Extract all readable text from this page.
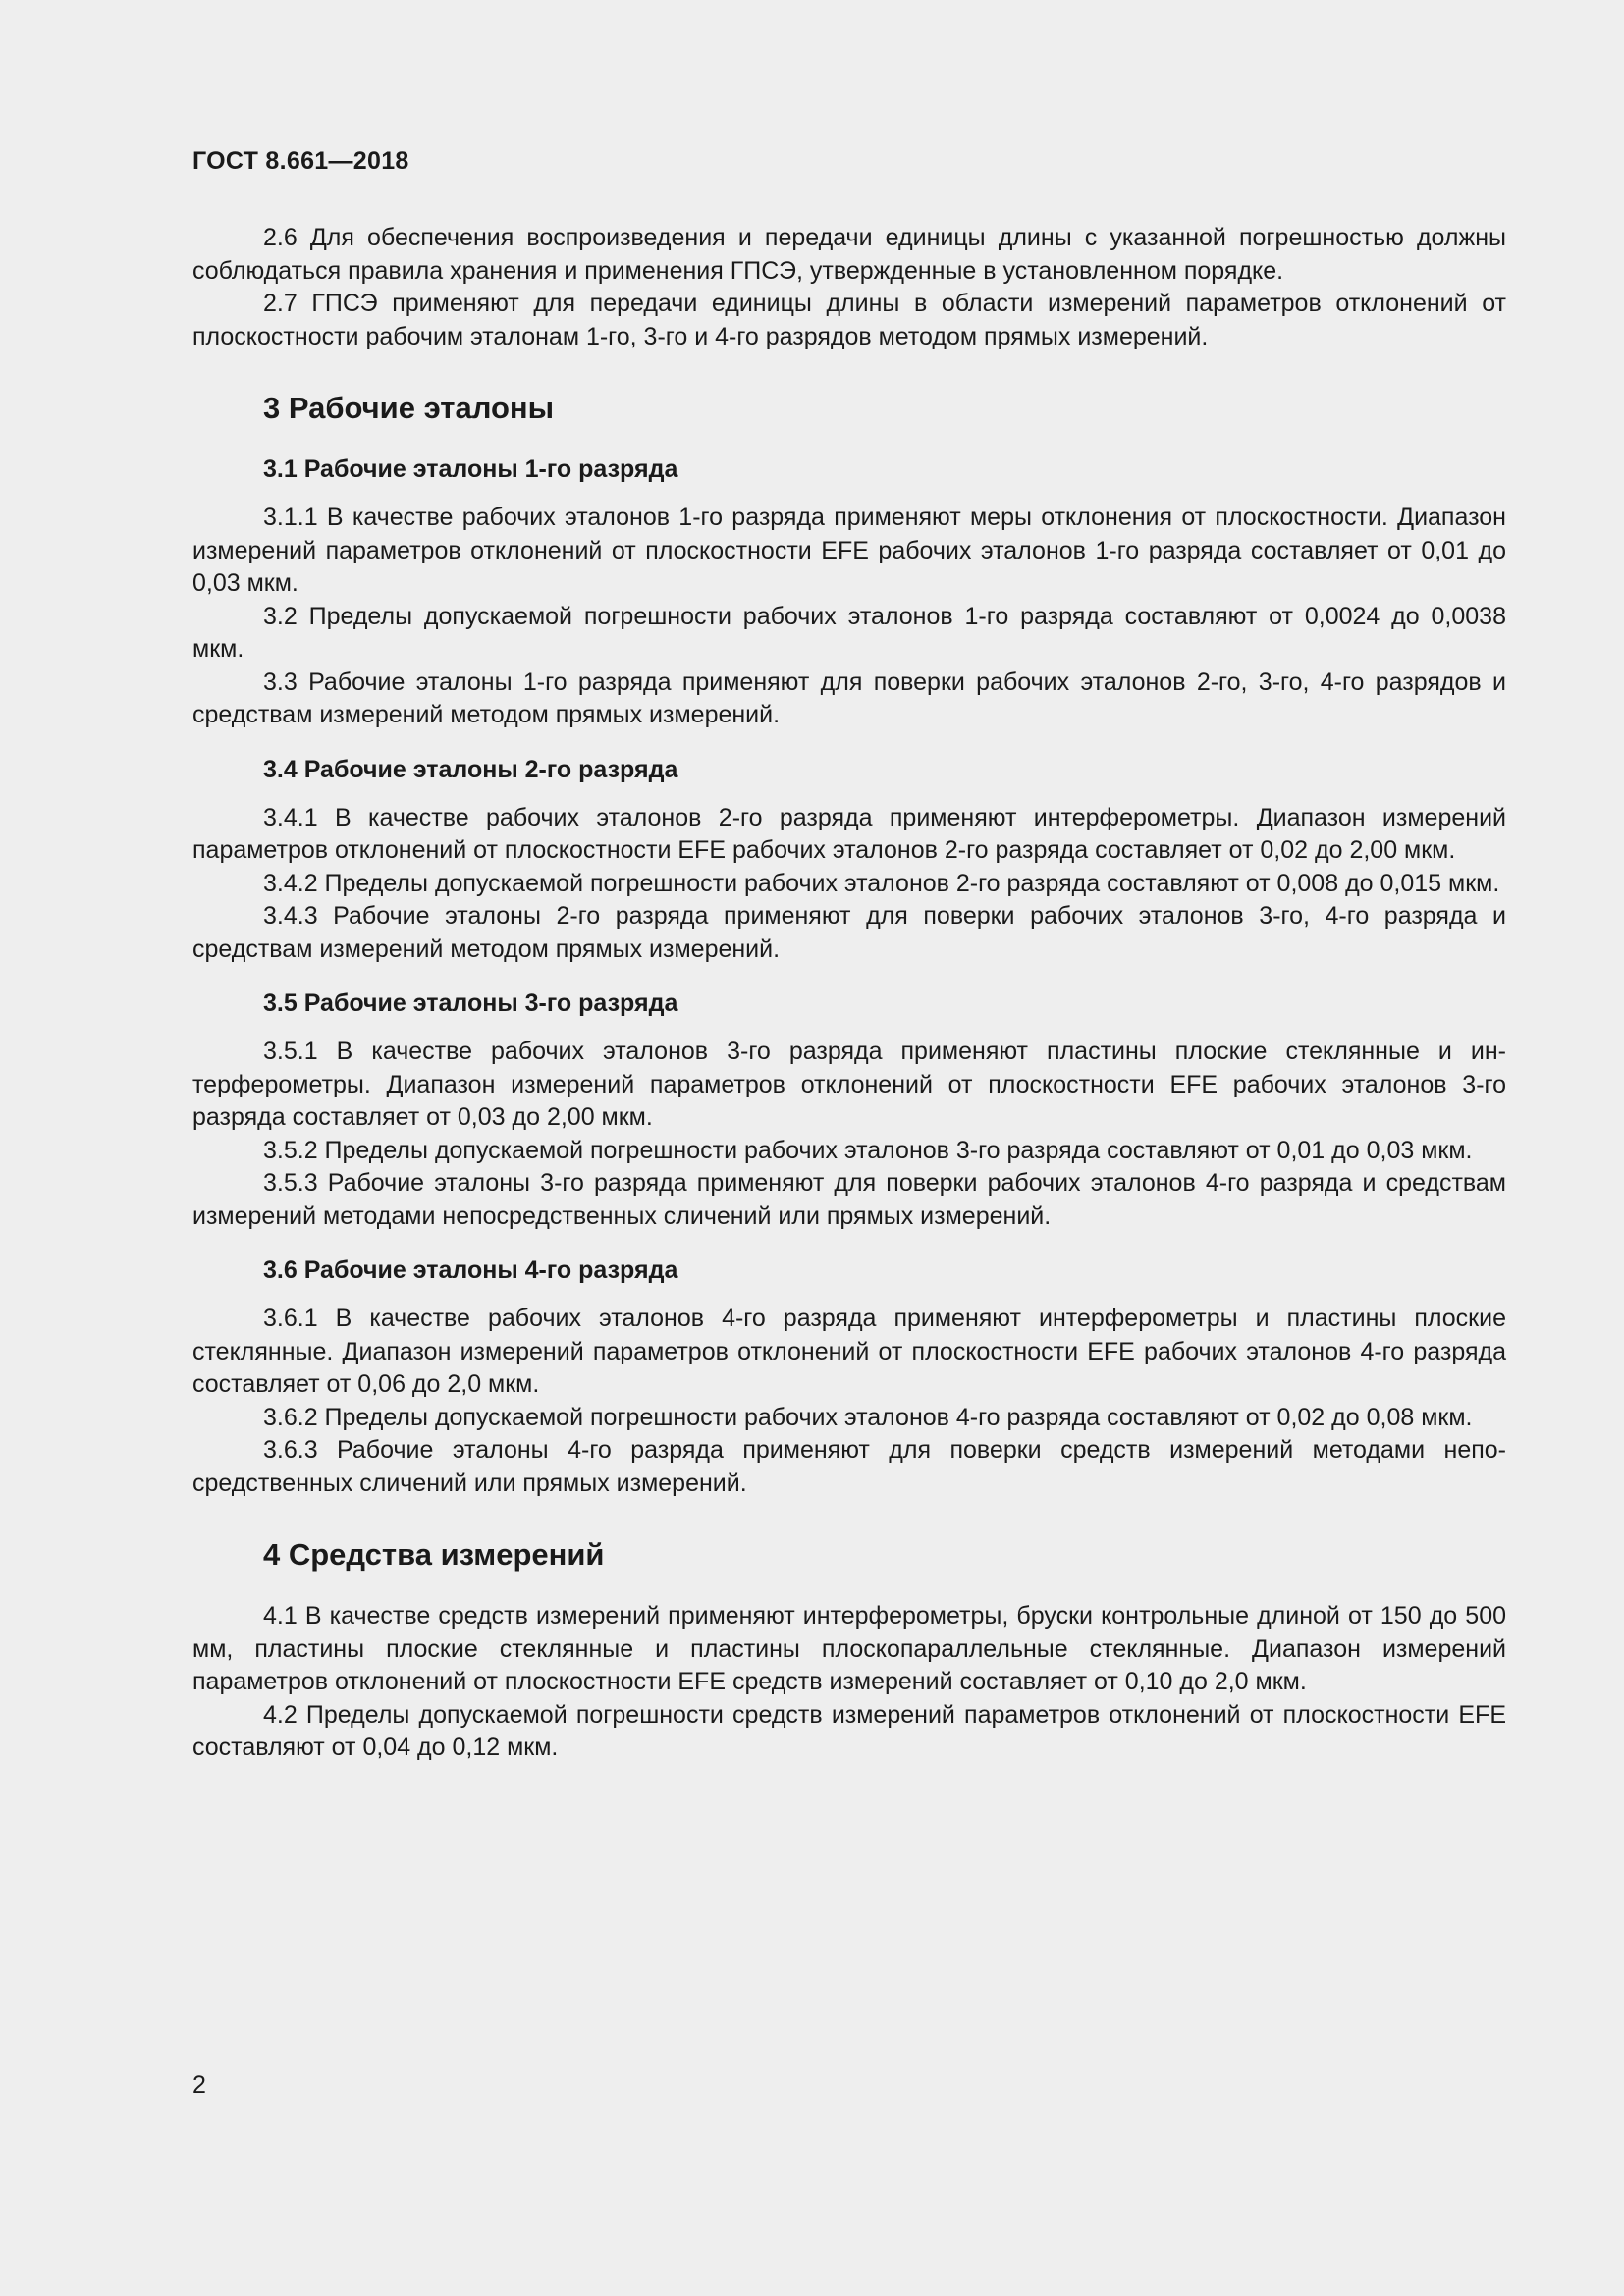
ГОСТ 8.661—2018

2.6 Для обеспечения воспроизведения и передачи единицы длины с указанной погрешностью должны соблюдаться правила хранения и применения ГПСЭ, утвержденные в установленном порядке.

2.7 ГПСЭ применяют для передачи единицы длины в области измерений параметров отклонений от плоскостности рабочим эталонам 1-го, 3-го и 4-го разрядов методом прямых измерений.

3 Рабочие эталоны
3.1 Рабочие эталоны 1-го разряда

3.1.1 В качестве рабочих эталонов 1-го разряда применяют меры отклонения от плоскостности. Диапазон измерений параметров отклонений от плоскостности EFE рабочих эталонов 1-го разряда составляет от 0,01 до 0,03 мкм.

3.2 Пределы допускаемой погрешности рабочих эталонов 1-го разряда составляют от 0,0024 до 0,0038 мкм.

3.3 Рабочие эталоны 1-го разряда применяют для поверки рабочих эталонов 2-го, 3-го, 4-го разрядов и средствам измерений методом прямых измерений.

3.4 Рабочие эталоны 2-го разряда

3.4.1 В качестве рабочих эталонов 2-го разряда применяют интерферометры. Диапазон измерений параметров отклонений от плоскостности EFE рабочих эталонов 2-го разряда составляет от 0,02 до 2,00 мкм.

3.4.2 Пределы допускаемой погрешности рабочих эталонов 2-го разряда составляют от 0,008 до 0,015 мкм.

3.4.3 Рабочие эталоны 2-го разряда применяют для поверки рабочих эталонов 3-го, 4-го разряда и средствам измерений методом прямых измерений.

3.5 Рабочие эталоны 3-го разряда

3.5.1 В качестве рабочих эталонов 3-го разряда применяют пластины плоские стеклянные и интерферометры. Диапазон измерений параметров отклонений от плоскостности EFE рабочих эталонов 3-го разряда составляет от 0,03 до 2,00 мкм.

3.5.2 Пределы допускаемой погрешности рабочих эталонов 3-го разряда составляют от 0,01 до 0,03 мкм.

3.5.3 Рабочие эталоны 3-го разряда применяют для поверки рабочих эталонов 4-го разряда и средствам измерений методами непосредственных сличений или прямых измерений.

3.6 Рабочие эталоны 4-го разряда

3.6.1 В качестве рабочих эталонов 4-го разряда применяют интерферометры и пластины плоские стеклянные. Диапазон измерений параметров отклонений от плоскостности EFE рабочих эталонов 4-го разряда составляет от 0,06 до 2,0 мкм.

3.6.2 Пределы допускаемой погрешности рабочих эталонов 4-го разряда составляют от 0,02 до 0,08 мкм.

3.6.3 Рабочие эталоны 4-го разряда применяют для поверки средств измерений методами непосредственных сличений или прямых измерений.

4 Средства измерений

4.1 В качестве средств измерений применяют интерферометры, бруски контрольные длиной от 150 до 500 мм, пластины плоские стеклянные и пластины плоскопараллельные стеклянные. Диапазон измерений параметров отклонений от плоскостности EFE средств измерений составляет от 0,10 до 2,0 мкм.

4.2 Пределы допускаемой погрешности средств измерений параметров отклонений от плоскостности EFE составляют от 0,04 до 0,12 мкм.

2
